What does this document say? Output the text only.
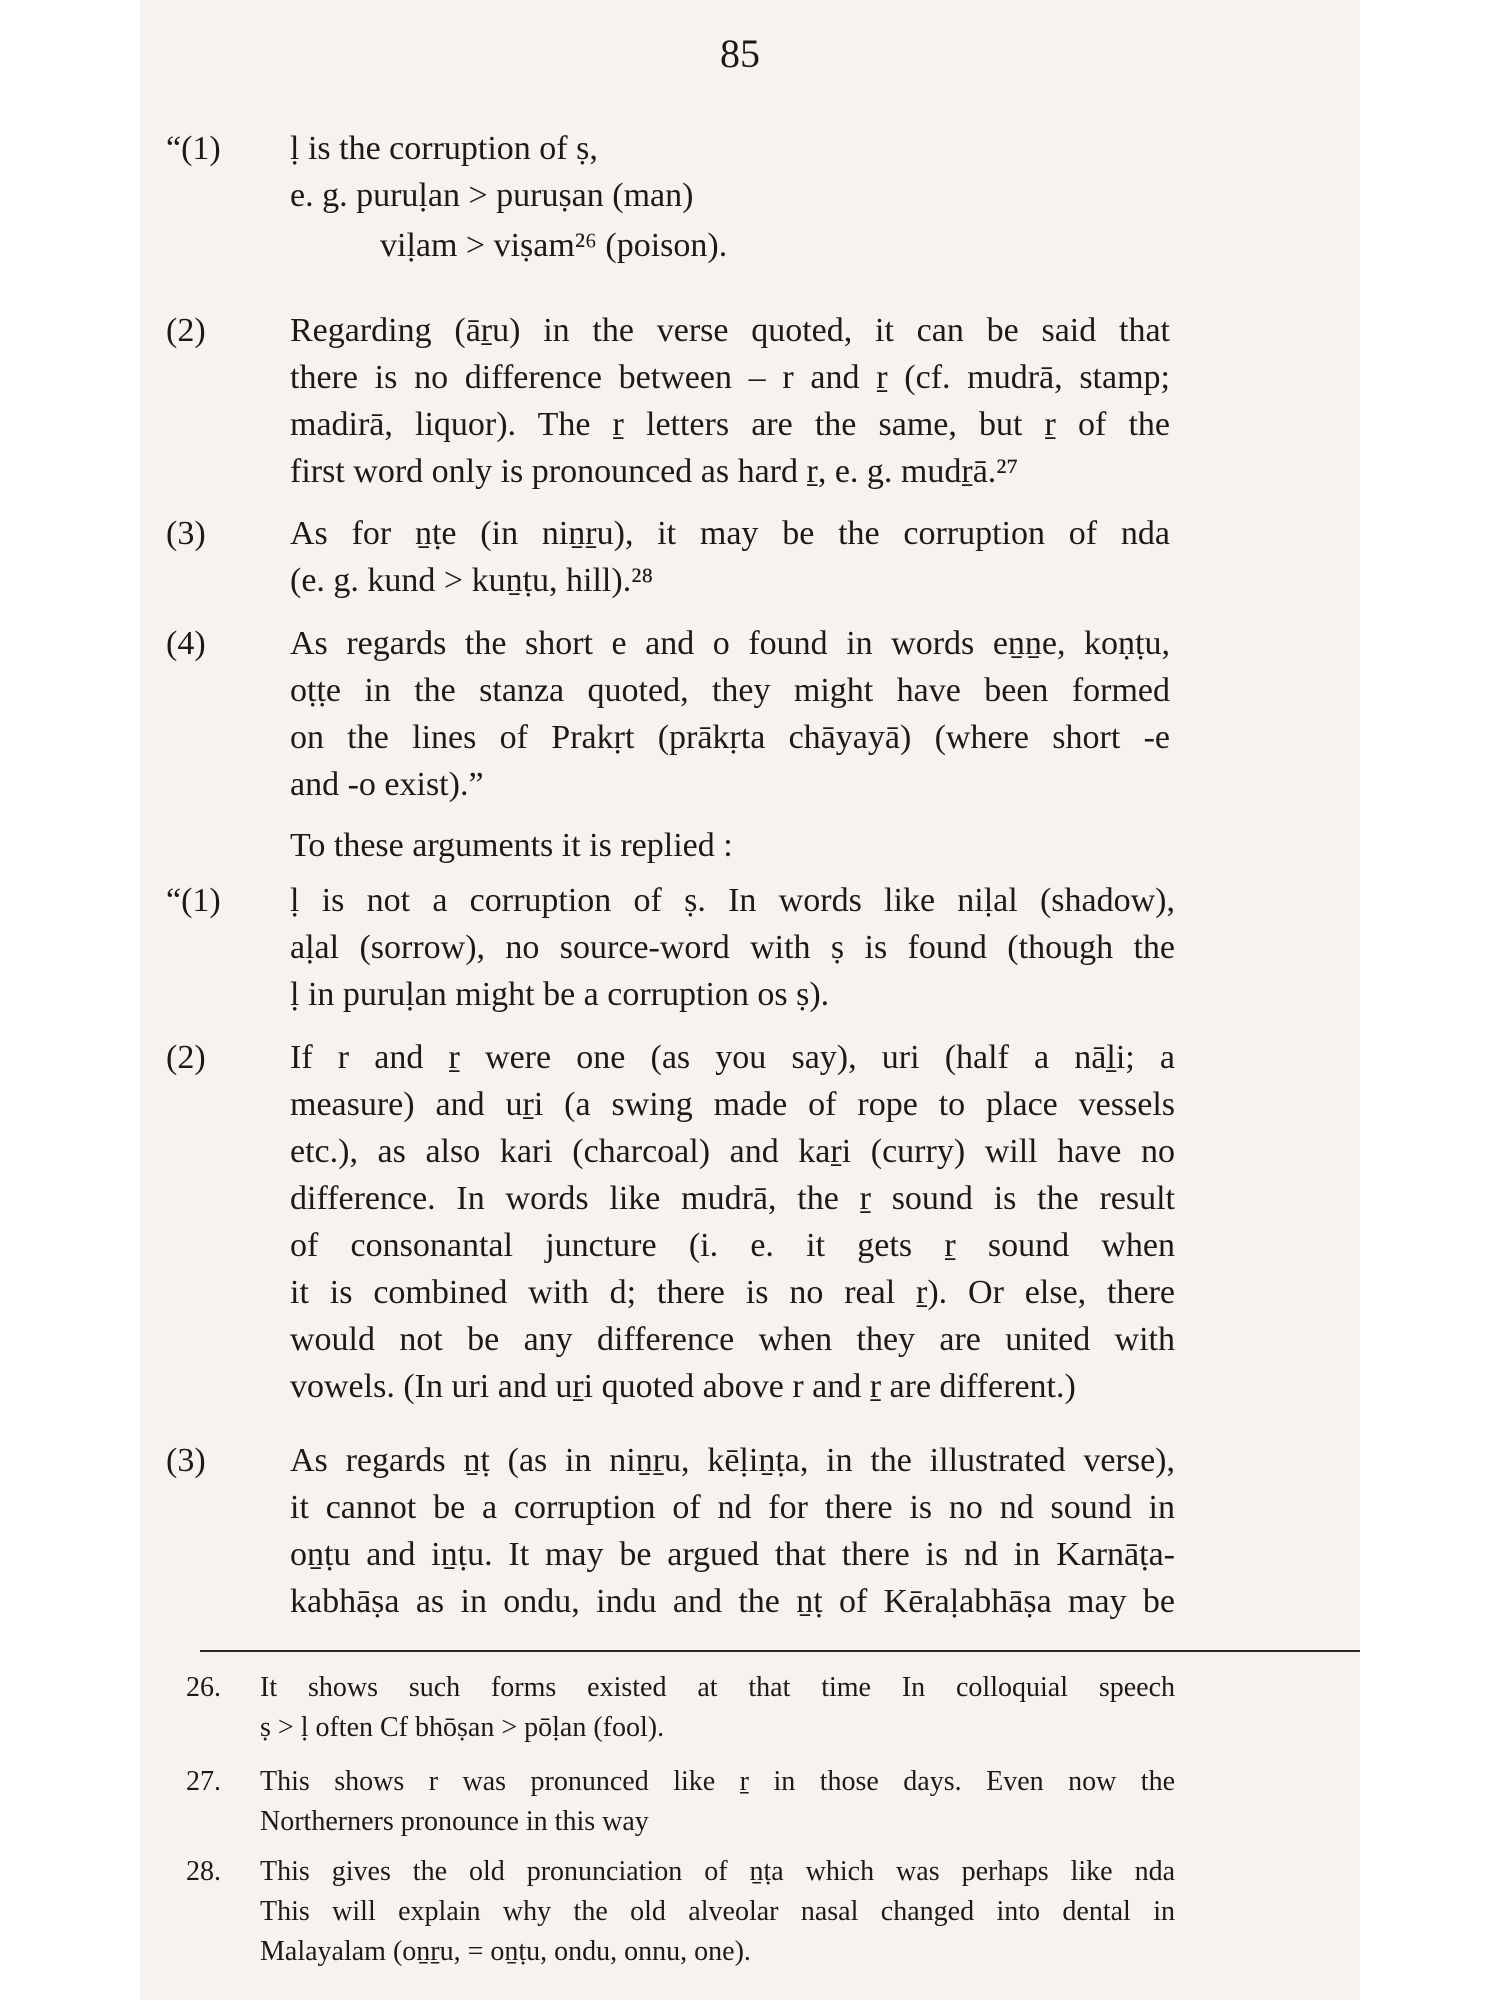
85
“(1) ḷ is the corruption of ṣ,
e. g. puruḷan > puruṣan (man)
viḷam > viṣam²⁶ (poison).
(2) Regarding (āṟu) in the verse quoted, it can be said that
there is no difference between – r and ṟ (cf. mudrā, stamp;
madirā, liquor). The ṟ letters are the same, but ṟ of the
first word only is pronounced as hard ṟ, e. g. mudṟā.²⁷
(3) As for ṉṭe (in niṉṟu), it may be the corruption of nda
(e. g. kund > kuṉṭu, hill).²⁸
(4) As regards the short e and o found in words eṉṉe, koṇṭu,
oṭṭe in the stanza quoted, they might have been formed
on the lines of Prakṛt (prākṛta chāyayā) (where short -e
and -o exist).”
To these arguments it is replied :
“(1) ḷ is not a corruption of ṣ. In words like niḷal (shadow),
aḷal (sorrow), no source-word with ṣ is found (though the
ḷ in puruḷan might be a corruption os ṣ).
(2) If r and ṟ were one (as you say), uri (half a nāḻi; a
measure) and uṟi (a swing made of rope to place vessels
etc.), as also kari (charcoal) and kaṟi (curry) will have no
difference. In words like mudrā, the ṟ sound is the result
of consonantal juncture (i. e. it gets ṟ sound when
it is combined with d; there is no real ṟ). Or else, there
would not be any difference when they are united with
vowels. (In uri and uṟi quoted above r and ṟ are different.)
(3) As regards ṉṭ (as in niṉṟu, kēḷiṉṭa, in the illustrated verse),
it cannot be a corruption of nd for there is no nd sound in
oṉṭu and iṉṭu. It may be argued that there is nd in Karnāṭa-
kabhāṣa as in ondu, indu and the ṉṭ of Kēraḷabhāṣa may be
26. It shows such forms existed at that time In colloquial speech
ṣ > ḷ often Cf bhōṣan > pōḷan (fool).
27. This shows r was pronunced like ṟ in those days. Even now the
Northerners pronounce in this way
28. This gives the old pronunciation of ṉṭa which was perhaps like nda
This will explain why the old alveolar nasal changed into dental in
Malayalam (oṉṟu, = oṉṭu, ondu, onnu, one).
